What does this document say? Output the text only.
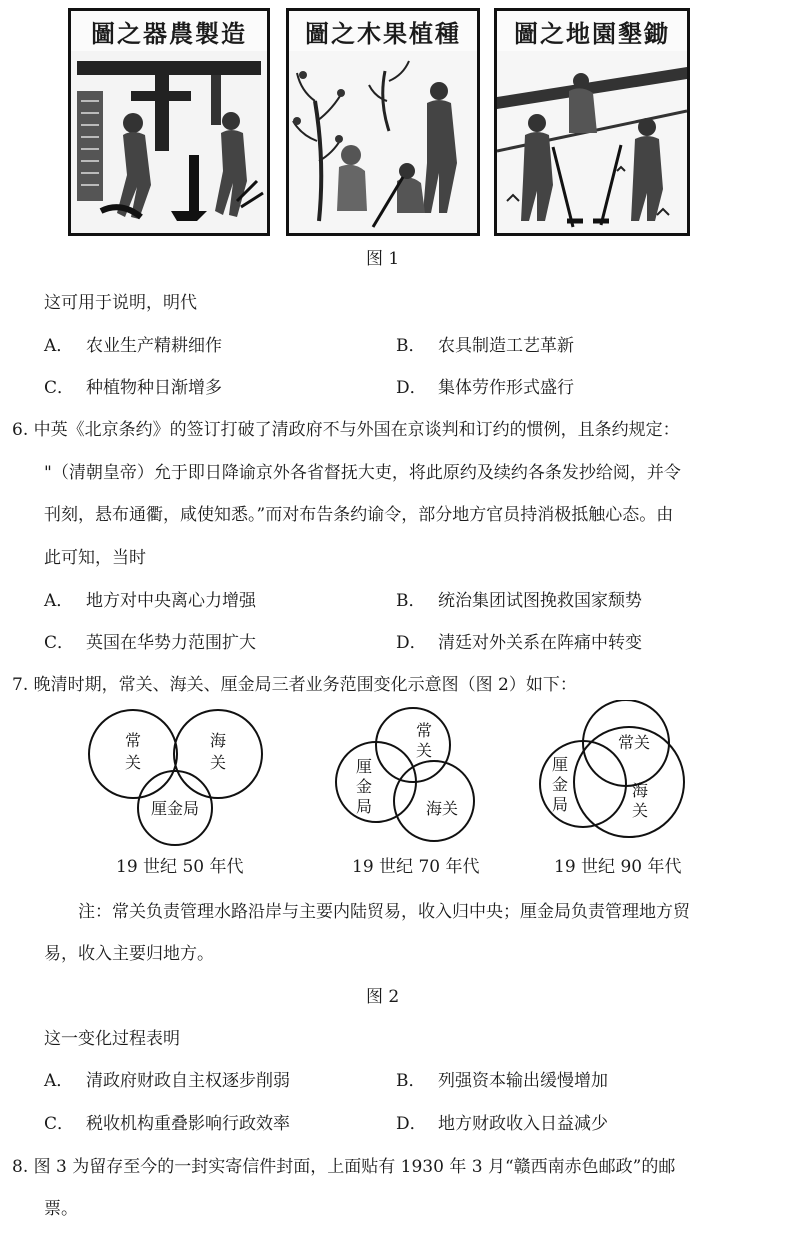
圖之器農製造	圖之木果植種	圖之地園墾鋤
图 1
这可用于说明，明代
A． 农业生产精耕细作	B． 农具制造工艺革新
C． 种植物种日渐增多	D． 集体劳作形式盛行
6. 中英《北京条约》的签订打破了清政府不与外国在京谈判和订约的惯例，且条约规定：
"（清朝皇帝）允于即日降谕京外各省督抚大吏，将此原约及续约各条发抄给阅，并令
刊刻，悬布通衢，咸使知悉。”而对布告条约谕令，部分地方官员持消极抵触心态。由
此可知，当时
A． 地方对中央离心力增强	B． 统治集团试图挽救国家颓势
C． 英国在华势力范围扩大	D． 清廷对外关系在阵痛中转变
7. 晚清时期，常关、海关、厘金局三者业务范围变化示意图（图 2）如下：
常
关
海
关
厘金局
常
关
厘
金
局	海关
常关
厘
金
局
海
关
19 世纪 50 年代	19 世纪 70 年代	19 世纪 90 年代
注：常关负责管理水路沿岸与主要内陆贸易，收入归中央；厘金局负责管理地方贸
易，收入主要归地方。
图 2
这一变化过程表明
A． 清政府财政自主权逐步削弱	B． 列强资本输出缓慢增加
C． 税收机构重叠影响行政效率	D． 地方财政收入日益减少
8. 图 3 为留存至今的一封实寄信件封面，上面贴有 1930 年 3 月“赣西南赤色邮政”的邮
票。
